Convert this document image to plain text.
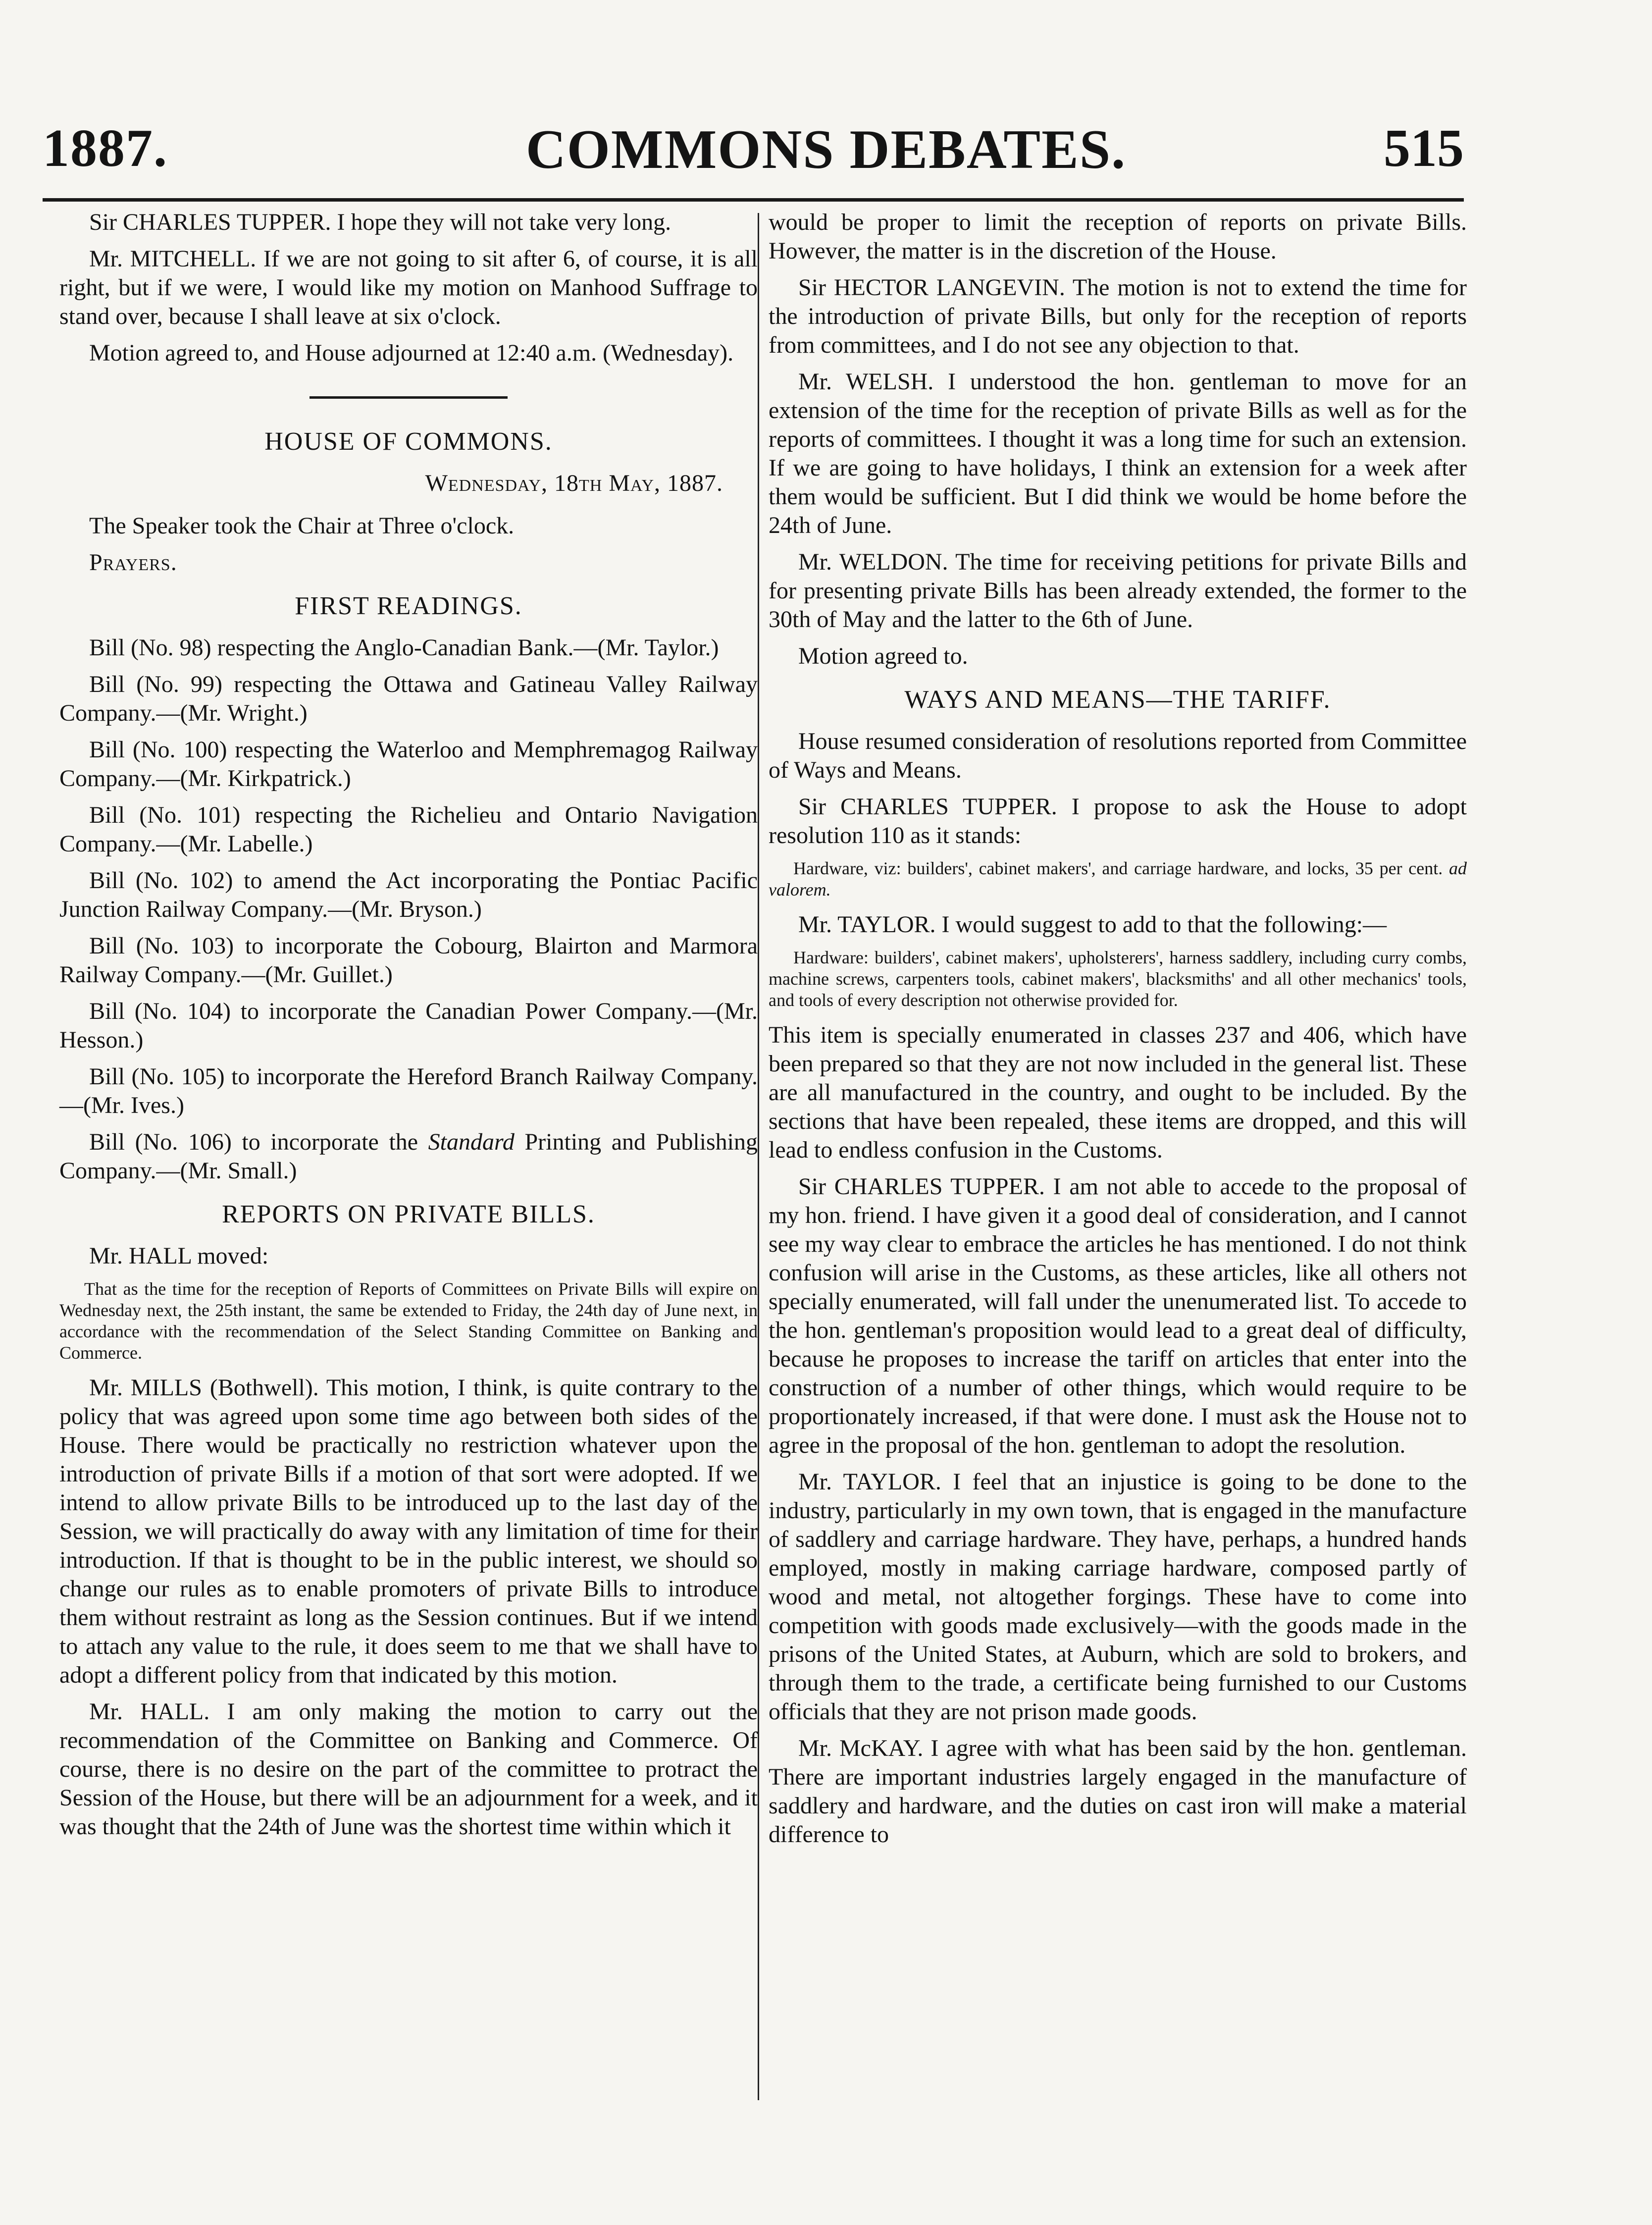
1887.	COMMONS DEBATES.	515

Sir CHARLES TUPPER. I hope they will not take very long.

Mr. MITCHELL. If we are not going to sit after 6, of course, it is all right, but if we were, I would like my motion on Manhood Suffrage to stand over, because I shall leave at six o'clock.

Motion agreed to, and House adjourned at 12:40 a.m. (Wednesday).

HOUSE OF COMMONS.

Wednesday, 18th May, 1887.

The Speaker took the Chair at Three o'clock.

Prayers.

FIRST READINGS.

Bill (No. 98) respecting the Anglo-Canadian Bank.—(Mr. Taylor.)

Bill (No. 99) respecting the Ottawa and Gatineau Valley Railway Company.—(Mr. Wright.)

Bill (No. 100) respecting the Waterloo and Memphremagog Railway Company.—(Mr. Kirkpatrick.)

Bill (No. 101) respecting the Richelieu and Ontario Navigation Company.—(Mr. Labelle.)

Bill (No. 102) to amend the Act incorporating the Pontiac Pacific Junction Railway Company.—(Mr. Bryson.)

Bill (No. 103) to incorporate the Cobourg, Blairton and Marmora Railway Company.—(Mr. Guillet.)

Bill (No. 104) to incorporate the Canadian Power Company.—(Mr. Hesson.)

Bill (No. 105) to incorporate the Hereford Branch Railway Company.—(Mr. Ives.)

Bill (No. 106) to incorporate the Standard Printing and Publishing Company.—(Mr. Small.)

REPORTS ON PRIVATE BILLS.

Mr. HALL moved:

That as the time for the reception of Reports of Committees on Private Bills will expire on Wednesday next, the 25th instant, the same be extended to Friday, the 24th day of June next, in accordance with the recommendation of the Select Standing Committee on Banking and Commerce.

Mr. MILLS (Bothwell). This motion, I think, is quite contrary to the policy that was agreed upon some time ago between both sides of the House. There would be practically no restriction whatever upon the introduction of private Bills if a motion of that sort were adopted. If we intend to allow private Bills to be introduced up to the last day of the Session, we will practically do away with any limitation of time for their introduction. If that is thought to be in the public interest, we should so change our rules as to enable promoters of private Bills to introduce them without restraint as long as the Session continues. But if we intend to attach any value to the rule, it does seem to me that we shall have to adopt a different policy from that indicated by this motion.

Mr. HALL. I am only making the motion to carry out the recommendation of the Committee on Banking and Commerce. Of course, there is no desire on the part of the committee to protract the Session of the House, but there will be an adjournment for a week, and it was thought that the 24th of June was the shortest time within which it

would be proper to limit the reception of reports on private Bills. However, the matter is in the discretion of the House.

Sir HECTOR LANGEVIN. The motion is not to extend the time for the introduction of private Bills, but only for the reception of reports from committees, and I do not see any objection to that.

Mr. WELSH. I understood the hon. gentleman to move for an extension of the time for the reception of private Bills as well as for the reports of committees. I thought it was a long time for such an extension. If we are going to have holidays, I think an extension for a week after them would be sufficient. But I did think we would be home before the 24th of June.

Mr. WELDON. The time for receiving petitions for private Bills and for presenting private Bills has been already extended, the former to the 30th of May and the latter to the 6th of June.

Motion agreed to.

WAYS AND MEANS—THE TARIFF.

House resumed consideration of resolutions reported from Committee of Ways and Means.

Sir CHARLES TUPPER. I propose to ask the House to adopt resolution 110 as it stands:

Hardware, viz: builders', cabinet makers', and carriage hardware, and locks, 35 per cent. ad valorem.

Mr. TAYLOR. I would suggest to add to that the following:—

Hardware: builders', cabinet makers', upholsterers', harness saddlery, including curry combs, machine screws, carpenters tools, cabinet makers', blacksmiths' and all other mechanics' tools, and tools of every description not otherwise provided for.

This item is specially enumerated in classes 237 and 406, which have been prepared so that they are not now included in the general list. These are all manufactured in the country, and ought to be included. By the sections that have been repealed, these items are dropped, and this will lead to endless confusion in the Customs.

Sir CHARLES TUPPER. I am not able to accede to the proposal of my hon. friend. I have given it a good deal of consideration, and I cannot see my way clear to embrace the articles he has mentioned. I do not think confusion will arise in the Customs, as these articles, like all others not specially enumerated, will fall under the unenumerated list. To accede to the hon. gentleman's proposition would lead to a great deal of difficulty, because he proposes to increase the tariff on articles that enter into the construction of a number of other things, which would require to be proportionately increased, if that were done. I must ask the House not to agree in the proposal of the hon. gentleman to adopt the resolution.

Mr. TAYLOR. I feel that an injustice is going to be done to the industry, particularly in my own town, that is engaged in the manufacture of saddlery and carriage hardware. They have, perhaps, a hundred hands employed, mostly in making carriage hardware, composed partly of wood and metal, not altogether forgings. These have to come into competition with goods made exclusively—with the goods made in the prisons of the United States, at Auburn, which are sold to brokers, and through them to the trade, a certificate being furnished to our Customs officials that they are not prison made goods.

Mr. McKAY. I agree with what has been said by the hon. gentleman. There are important industries largely engaged in the manufacture of saddlery and hardware, and the duties on cast iron will make a material difference to
